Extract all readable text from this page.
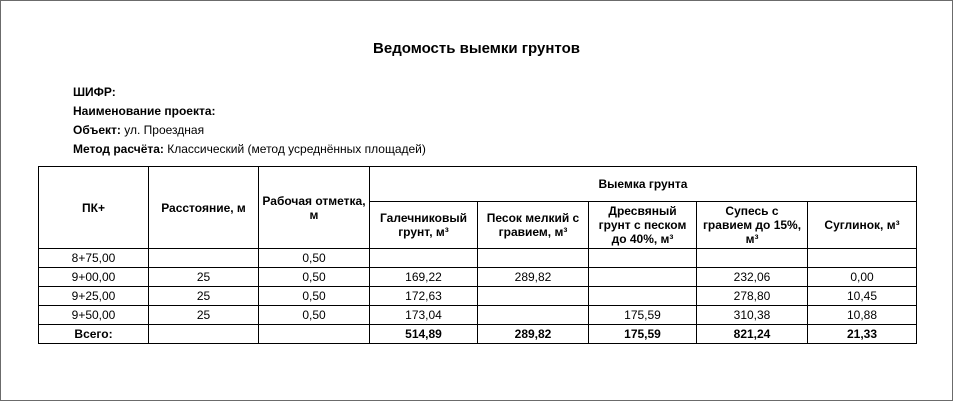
Ведомость выемки грунтов
ШИФР:
Наименование проекта:
Объект: ул. Проездная
Метод расчёта: Классический (метод усреднённых площадей)
ПК+	Расстояние, м	Рабочая отметка, м	Выемка грунта				
			Галечниковый грунт, м³	Песок мелкий с гравием, м³	Дресвяный грунт с песком до 40%, м³	Супесь с гравием до 15%, м³	Суглинок, м³
8+75,00		0,50					
9+00,00	25	0,50	169,22	289,82		232,06	0,00
9+25,00	25	0,50	172,63			278,80	10,45
9+50,00	25	0,50	173,04		175,59	310,38	10,88
Всего:			514,89	289,82	175,59	821,24	21,33
